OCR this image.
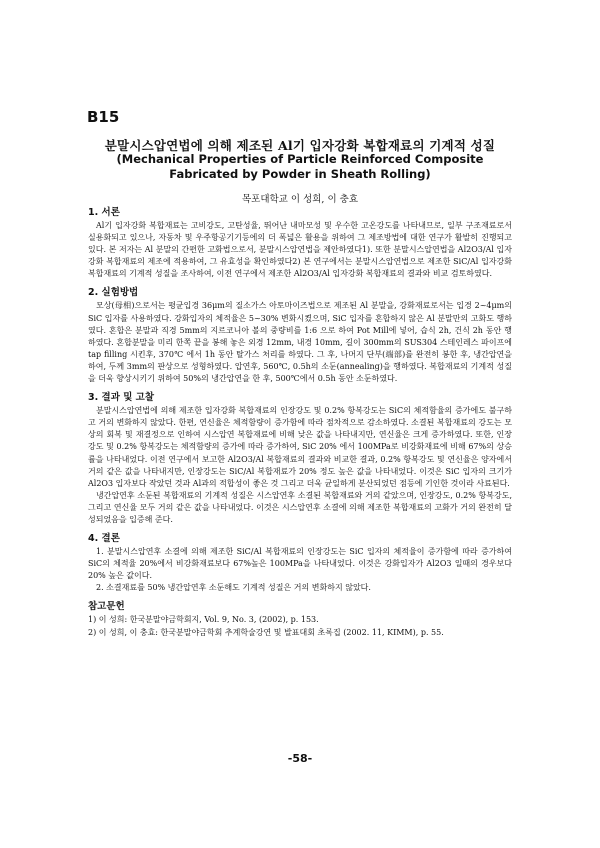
B15
분말시스압연법에 의해 제조된 Al기 입자강화 복합재료의 기계적 성질
(Mechanical Properties of Particle Reinforced Composite Fabricated by Powder in Sheath Rolling)
목포대학교 이 성희, 이 충효

1. 서론

Al기 입자강화 복합재료는 고비강도, 고탄성율, 뛰어난 내마모성 및 우수한 고온강도를 나타내므로, 일부 구조재료로서 실용화되고 있으나, 자동차 및 우주항공기기등에의 더 폭넓은 활용을 위하여 그 제조방법에 대한 연구가 활발히 진행되고 있다. 본 저자는 Al 분말의 간편한 고화법으로서, 분말시스압연법을 제안하였다1). 또한 분말시스압연법을 Al2O3/Al 입자강화 복합재료의 제조에 적용하여, 그 유효성을 확인하였다2) 본 연구에서는 분말시스압연법으로 제조한 SiC/Al 입자강화 복합재료의 기계적 성질을 조사하여, 이전 연구에서 제조한 Al2O3/Al 입자강화 복합재료의 결과와 비교 검토하였다.

2. 실험방법

모상(母相)으로서는 평균입경 36μm의 질소가스 아토마이즈법으로 제조된 Al 분말을, 강화재료로서는 입경 2~4μm의 SiC 입자를 사용하였다. 강화입자의 체적율은 5~30% 변화시켰으며, SiC 입자를 혼합하지 않은 Al 분말만의 고화도 행하였다. 혼합은 분말과 직경 5mm의 지르코니아 볼의 중량비를 1:6 으로 하여 Pot Mill에 넣어, 습식 2h, 건식 2h 동안 행하였다. 혼합분말을 미리 한쪽 끝을 봉해 놓은 외경 12mm, 내경 10mm, 길이 300mm의 SUS304 스테인레스 파이프에 tap filling 시킨후, 370℃ 에서 1h 동안 탈가스 처리를 하였다. 그 후, 나머지 단부(端部)를 완전히 봉한 후, 냉간압연을 하여, 두께 3mm의 판상으로 성형하였다. 압연후, 560℃, 0.5h의 소둔(annealing)을 행하였다. 복합재료의 기계적 성질을 더욱 향상시키기 위하여 50%의 냉간압연을 한 후, 500℃에서 0.5h 동안 소둔하였다.

3. 결과 및 고찰

분말시스압연법에 의해 제조한 입자강화 복합재료의 인장강도 및 0.2% 항복강도는 SiC의 체적함율의 증가에도 불구하고 거의 변화하지 않았다. 한편, 연신율은 체적함량이 증가함에 따라 점차적으로 감소하였다. 소결된 복합재료의 강도는 모상의 회복 및 재결정으로 인하여 시스압연 복합재료에 비해 낮은 값을 나타내지만, 연신율은 크게 증가하였다. 또한, 인장강도 및 0.2% 항복강도는 체적함량의 증가에 따라 증가하여, SiC 20% 에서 100MPa로 비강화재료에 비해 67%의 상승률을 나타내었다. 이전 연구에서 보고한 Al2O3/Al 복합재료의 결과와 비교한 결과, 0.2% 항복강도 및 연신율은 양자에서 거의 같은 값을 나타내지만, 인장강도는 SiC/Al 복합재료가 20% 정도 높은 값을 나타내었다. 이것은 SiC 입자의 크기가 Al2O3 입자보다 작았던 것과 Al과의 적합성이 좋은 것 그리고 더욱 균일하게 분산되었던 점등에 기인한 것이라 사료된다.

냉간압연후 소둔된 복합재료의 기계적 성질은 시스압연후 소결된 복합재료와 거의 같았으며, 인장강도, 0.2% 항복강도, 그리고 연신율 모두 거의 같은 값을 나타내었다. 이것은 시스압연후 소결에 의해 제조한 복합재료의 고화가 거의 완전히 달성되었음을 입증해 준다.

4. 결론

1. 분말시스압연후 소결에 의해 제조한 SiC/Al 복합재료의 인장강도는 SiC 입자의 체적율이 증가함에 따라 증가하여 SiC의 체적율 20%에서 비강화재료보다 67%높은 100MPa을 나타내었다. 이것은 강화입자가 Al2O3 일때의 경우보다 20% 높은 값이다.

2. 소결재료를 50% 냉간압연후 소둔해도 기계적 성질은 거의 변화하지 않았다.

참고문헌

1) 이 성희: 한국분말야금학회지, Vol. 9, No. 3, (2002), p. 153.

2) 이 성희, 이 충효: 한국분말야금학회 추계학술강연 및 발표대회 초록집 (2002. 11, KIMM), p. 55.

-58-
